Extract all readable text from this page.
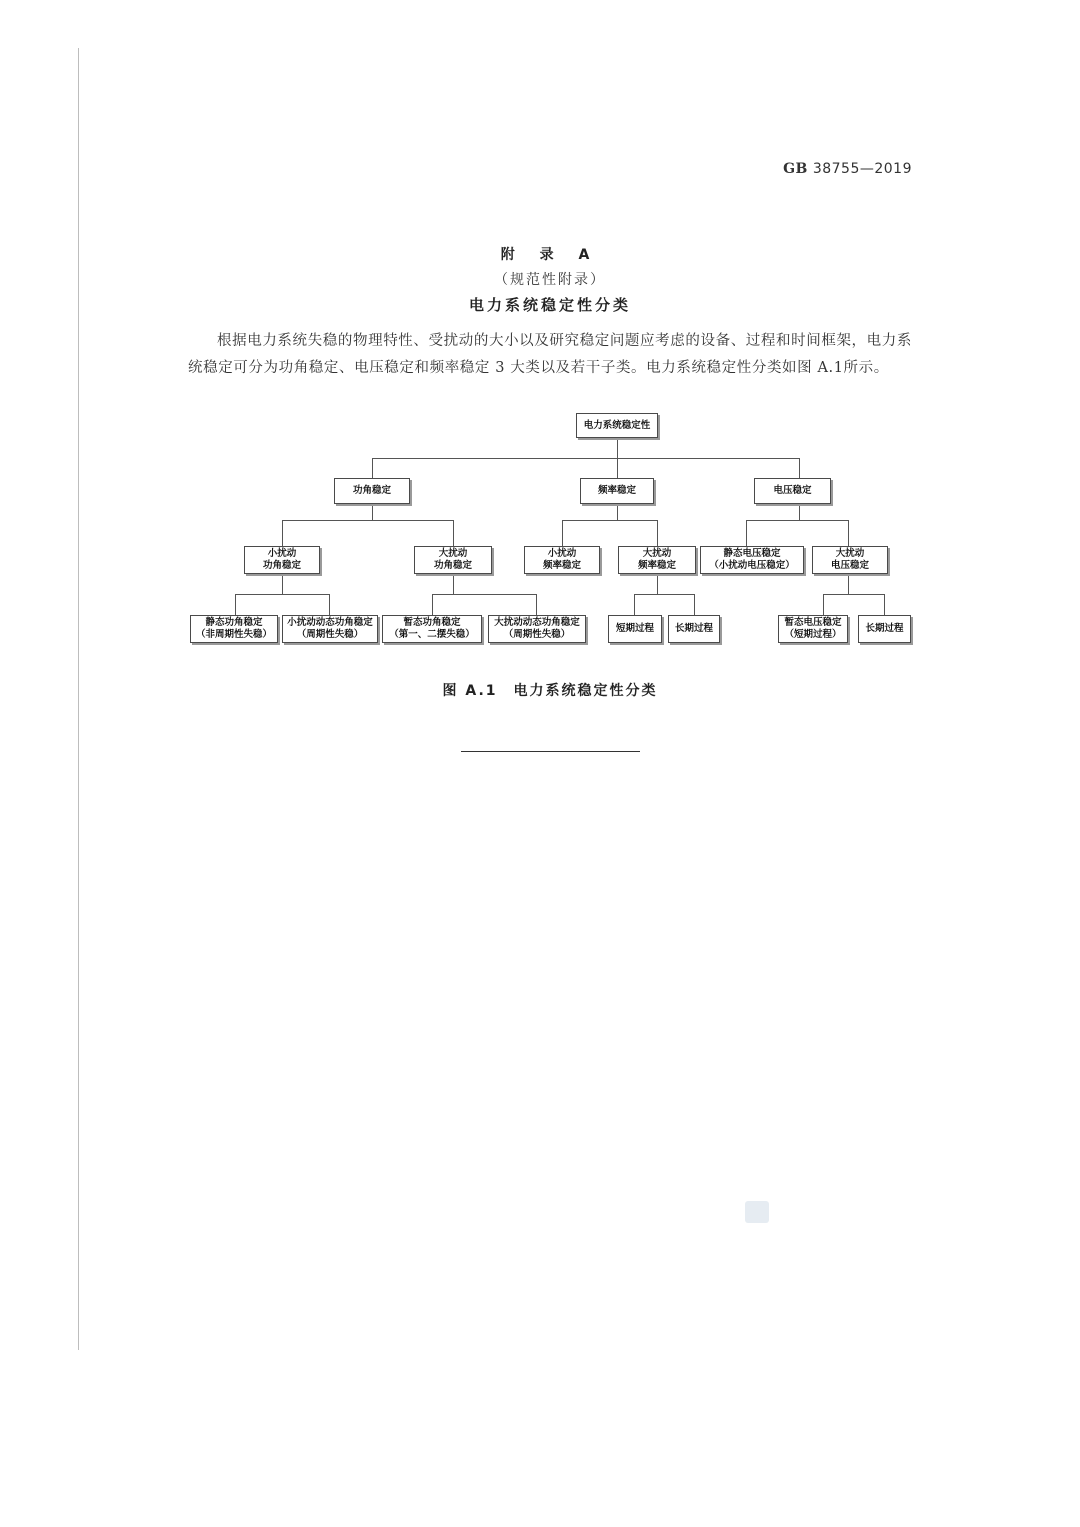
GB 38755—2019
附 录 A
（规范性附录）
电力系统稳定性分类
根据电力系统失稳的物理特性、受扰动的大小以及研究稳定问题应考虑的设备、过程和时间框架，电力系统稳定可分为功角稳定、电压稳定和频率稳定 3 大类以及若干子类。电力系统稳定性分类如图 A.1所示。
电力系统稳定性
功角稳定	频率稳定	电压稳定
小扰动
功角稳定
大扰动
功角稳定
小扰动
频率稳定
大扰动
频率稳定
静态电压稳定
（小扰动电压稳定）
大扰动
电压稳定
静态功角稳定
（非周期性失稳）
小扰动动态功角稳定
（周期性失稳）
暂态功角稳定
（第一、二摆失稳）
大扰动动态功角稳定
（周期性失稳）
短期过程 长期过程
暂态电压稳定
（短期过程）
长期过程
图 A.1　电力系统稳定性分类
